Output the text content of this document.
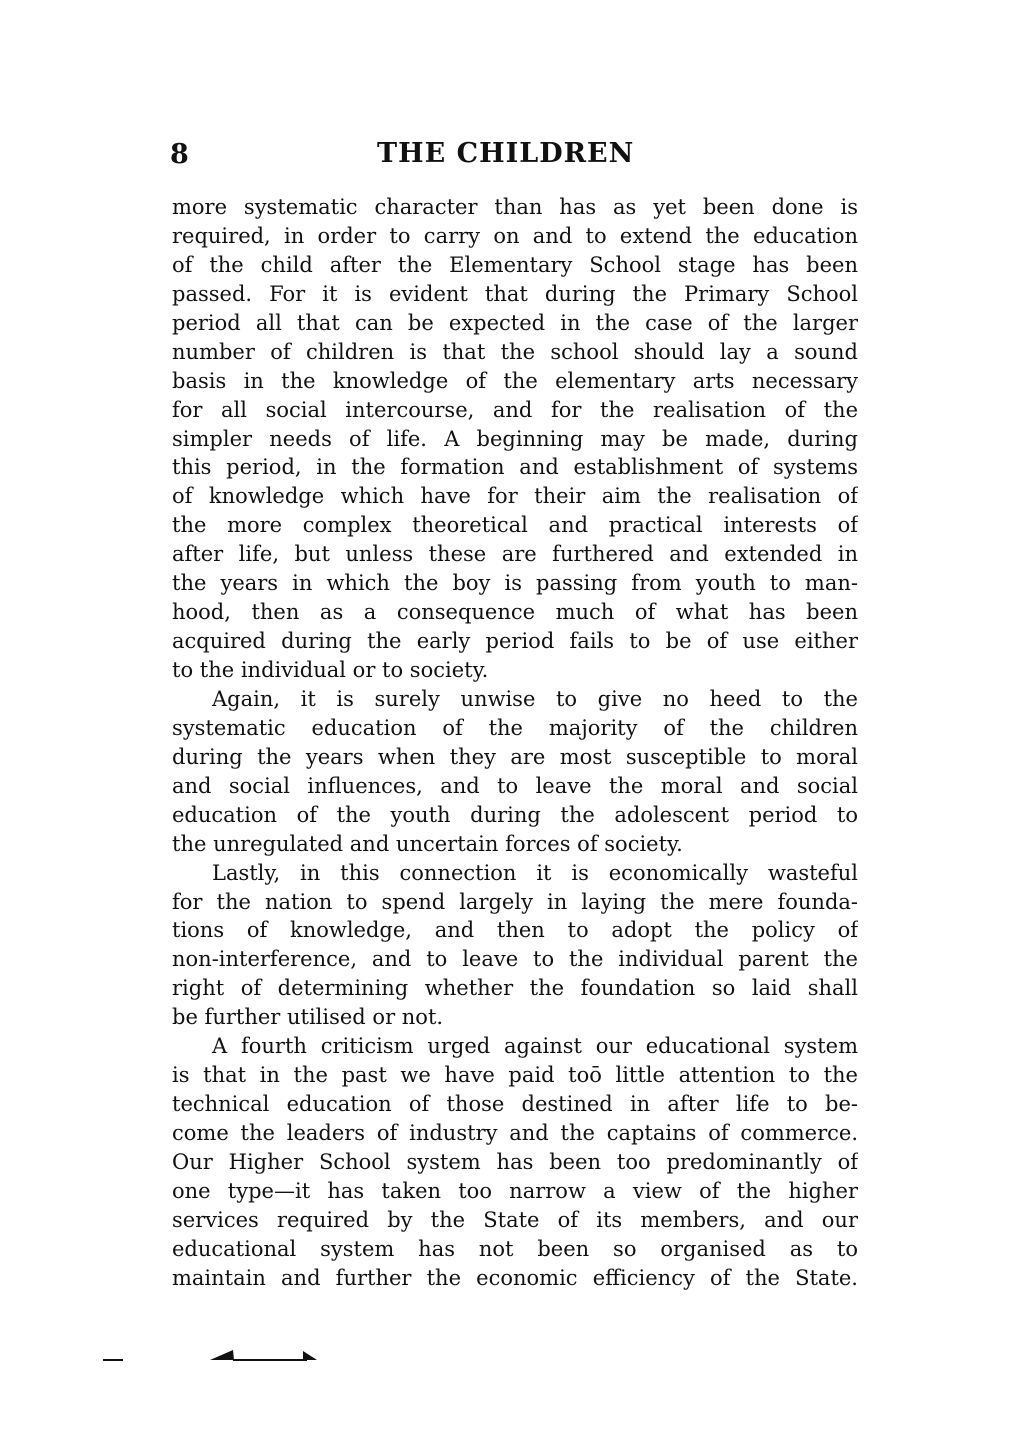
8	THE CHILDREN
more systematic character than has as yet been done is
required, in order to carry on and to extend the education
of the child after the Elementary School stage has been
passed. For it is evident that during the Primary School
period all that can be expected in the case of the larger
number of children is that the school should lay a sound
basis in the knowledge of the elementary arts necessary
for all social intercourse, and for the realisation of the
simpler needs of life. A beginning may be made, during
this period, in the formation and establishment of systems
of knowledge which have for their aim the realisation of
the more complex theoretical and practical interests of
after life, but unless these are furthered and extended in
the years in which the boy is passing from youth to man-
hood, then as a consequence much of what has been
acquired during the early period fails to be of use either
to the individual or to society.
Again, it is surely unwise to give no heed to the
systematic education of the majority of the children
during the years when they are most susceptible to moral
and social influences, and to leave the moral and social
education of the youth during the adolescent period to
the unregulated and uncertain forces of society.
Lastly, in this connection it is economically wasteful
for the nation to spend largely in laying the mere founda-
tions of knowledge, and then to adopt the policy of
non-interference, and to leave to the individual parent the
right of determining whether the foundation so laid shall
be further utilised or not.
A fourth criticism urged against our educational system
is that in the past we have paid toō little attention to the
technical education of those destined in after life to be-
come the leaders of industry and the captains of commerce.
Our Higher School system has been too predominantly of
one type—it has taken too narrow a view of the higher
services required by the State of its members, and our
educational system has not been so organised as to
maintain and further the economic efficiency of the State.
